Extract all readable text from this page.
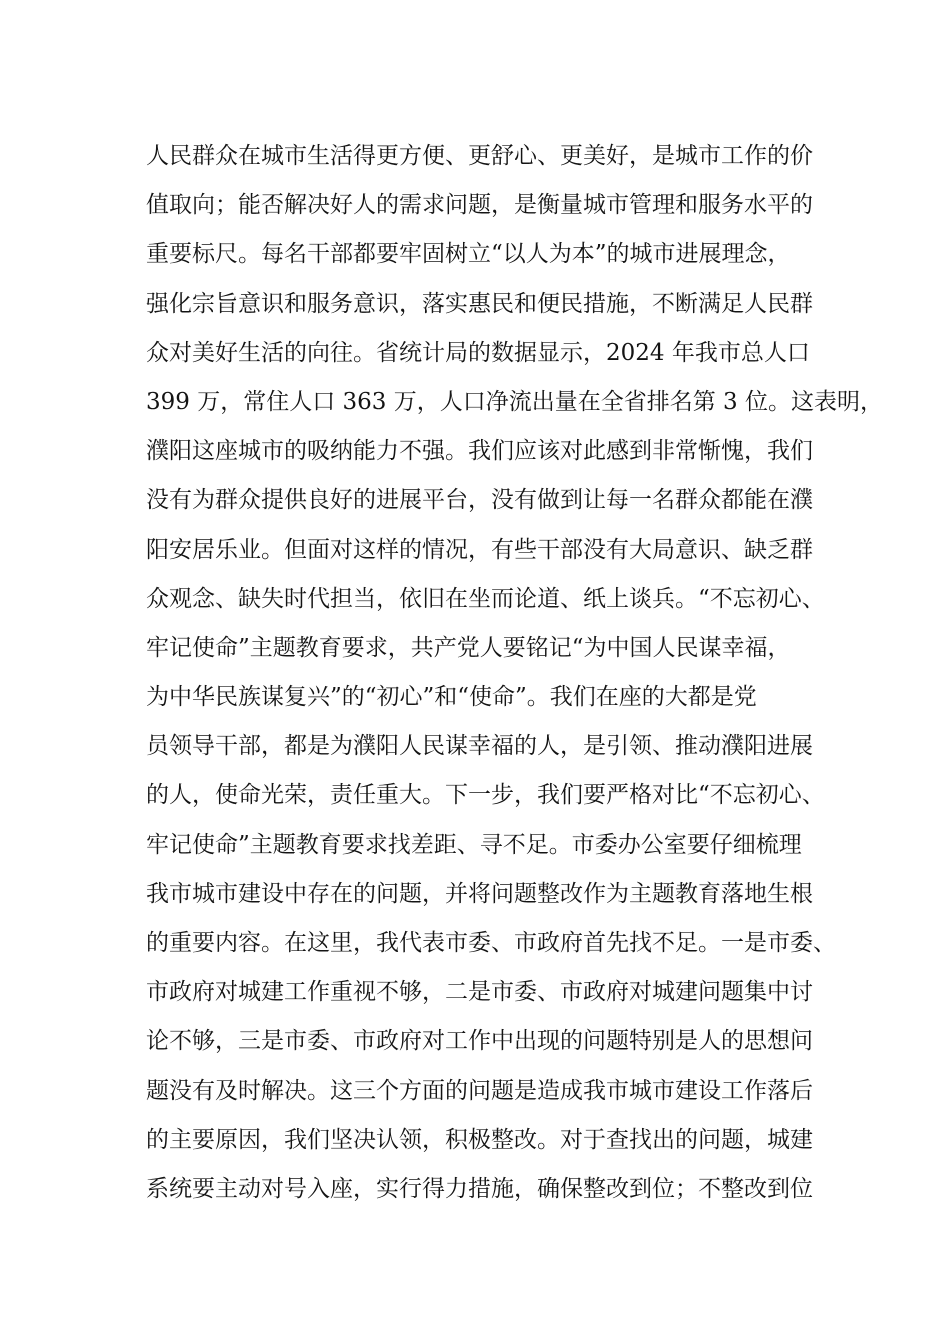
人民群众在城市生活得更方便、更舒心、更美好，是城市工作的价
值取向；能否解决好人的需求问题，是衡量城市管理和服务水平的
重要标尺。每名干部都要牢固树立“以人为本”的城市进展理念，
强化宗旨意识和服务意识，落实惠民和便民措施，不断满足人民群
众对美好生活的向往。省统计局的数据显示，2024 年我市总人口
399 万，常住人口 363 万，人口净流出量在全省排名第 3 位。这表明，
濮阳这座城市的吸纳能力不强。我们应该对此感到非常惭愧，我们
没有为群众提供良好的进展平台，没有做到让每一名群众都能在濮
阳安居乐业。但面对这样的情况，有些干部没有大局意识、缺乏群
众观念、缺失时代担当，依旧在坐而论道、纸上谈兵。“不忘初心、
牢记使命”主题教育要求，共产党人要铭记“为中国人民谋幸福，
为中华民族谋复兴”的“初心”和“使命”。我们在座的大都是党
员领导干部，都是为濮阳人民谋幸福的人，是引领、推动濮阳进展
的人，使命光荣，责任重大。下一步，我们要严格对比“不忘初心、
牢记使命”主题教育要求找差距、寻不足。市委办公室要仔细梳理
我市城市建设中存在的问题，并将问题整改作为主题教育落地生根
的重要内容。在这里，我代表市委、市政府首先找不足。一是市委、
市政府对城建工作重视不够，二是市委、市政府对城建问题集中讨
论不够，三是市委、市政府对工作中出现的问题特别是人的思想问
题没有及时解决。这三个方面的问题是造成我市城市建设工作落后
的主要原因，我们坚决认领，积极整改。对于查找出的问题，城建
系统要主动对号入座，实行得力措施，确保整改到位；不整改到位
